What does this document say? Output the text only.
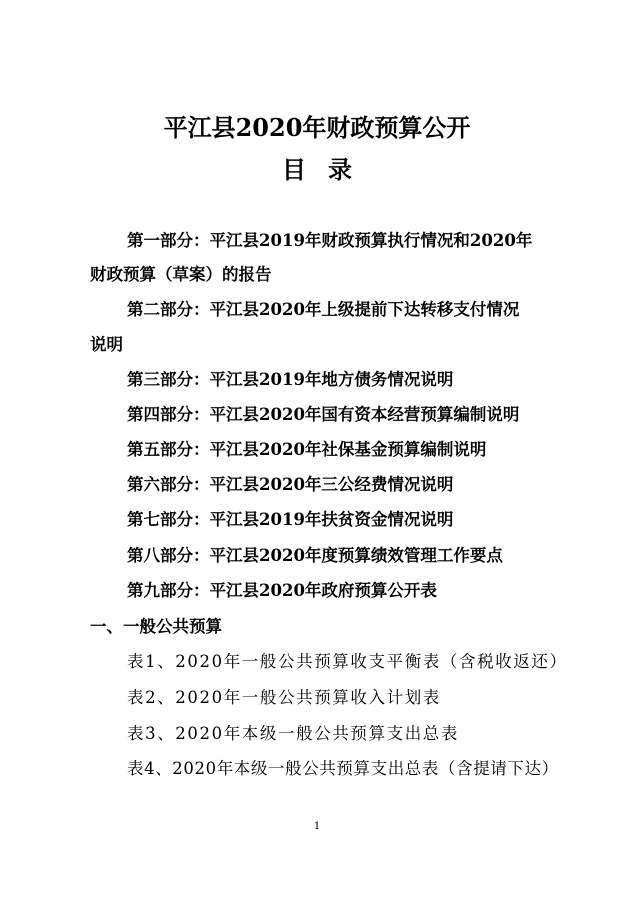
平江县2020年财政预算公开
目录
第一部分：平江县2019年财政预算执行情况和2020年
财政预算（草案）的报告
第二部分：平江县2020年上级提前下达转移支付情况
说明
第三部分：平江县2019年地方债务情况说明
第四部分：平江县2020年国有资本经营预算编制说明
第五部分：平江县2020年社保基金预算编制说明
第六部分：平江县2020年三公经费情况说明
第七部分：平江县2019年扶贫资金情况说明
第八部分：平江县2020年度预算绩效管理工作要点
第九部分：平江县2020年政府预算公开表
一、一般公共预算
表1、2020年一般公共预算收支平衡表（含税收返还）
表2、2020年一般公共预算收入计划表
表3、2020年本级一般公共预算支出总表
表4、2020年本级一般公共预算支出总表（含提请下达）
1
